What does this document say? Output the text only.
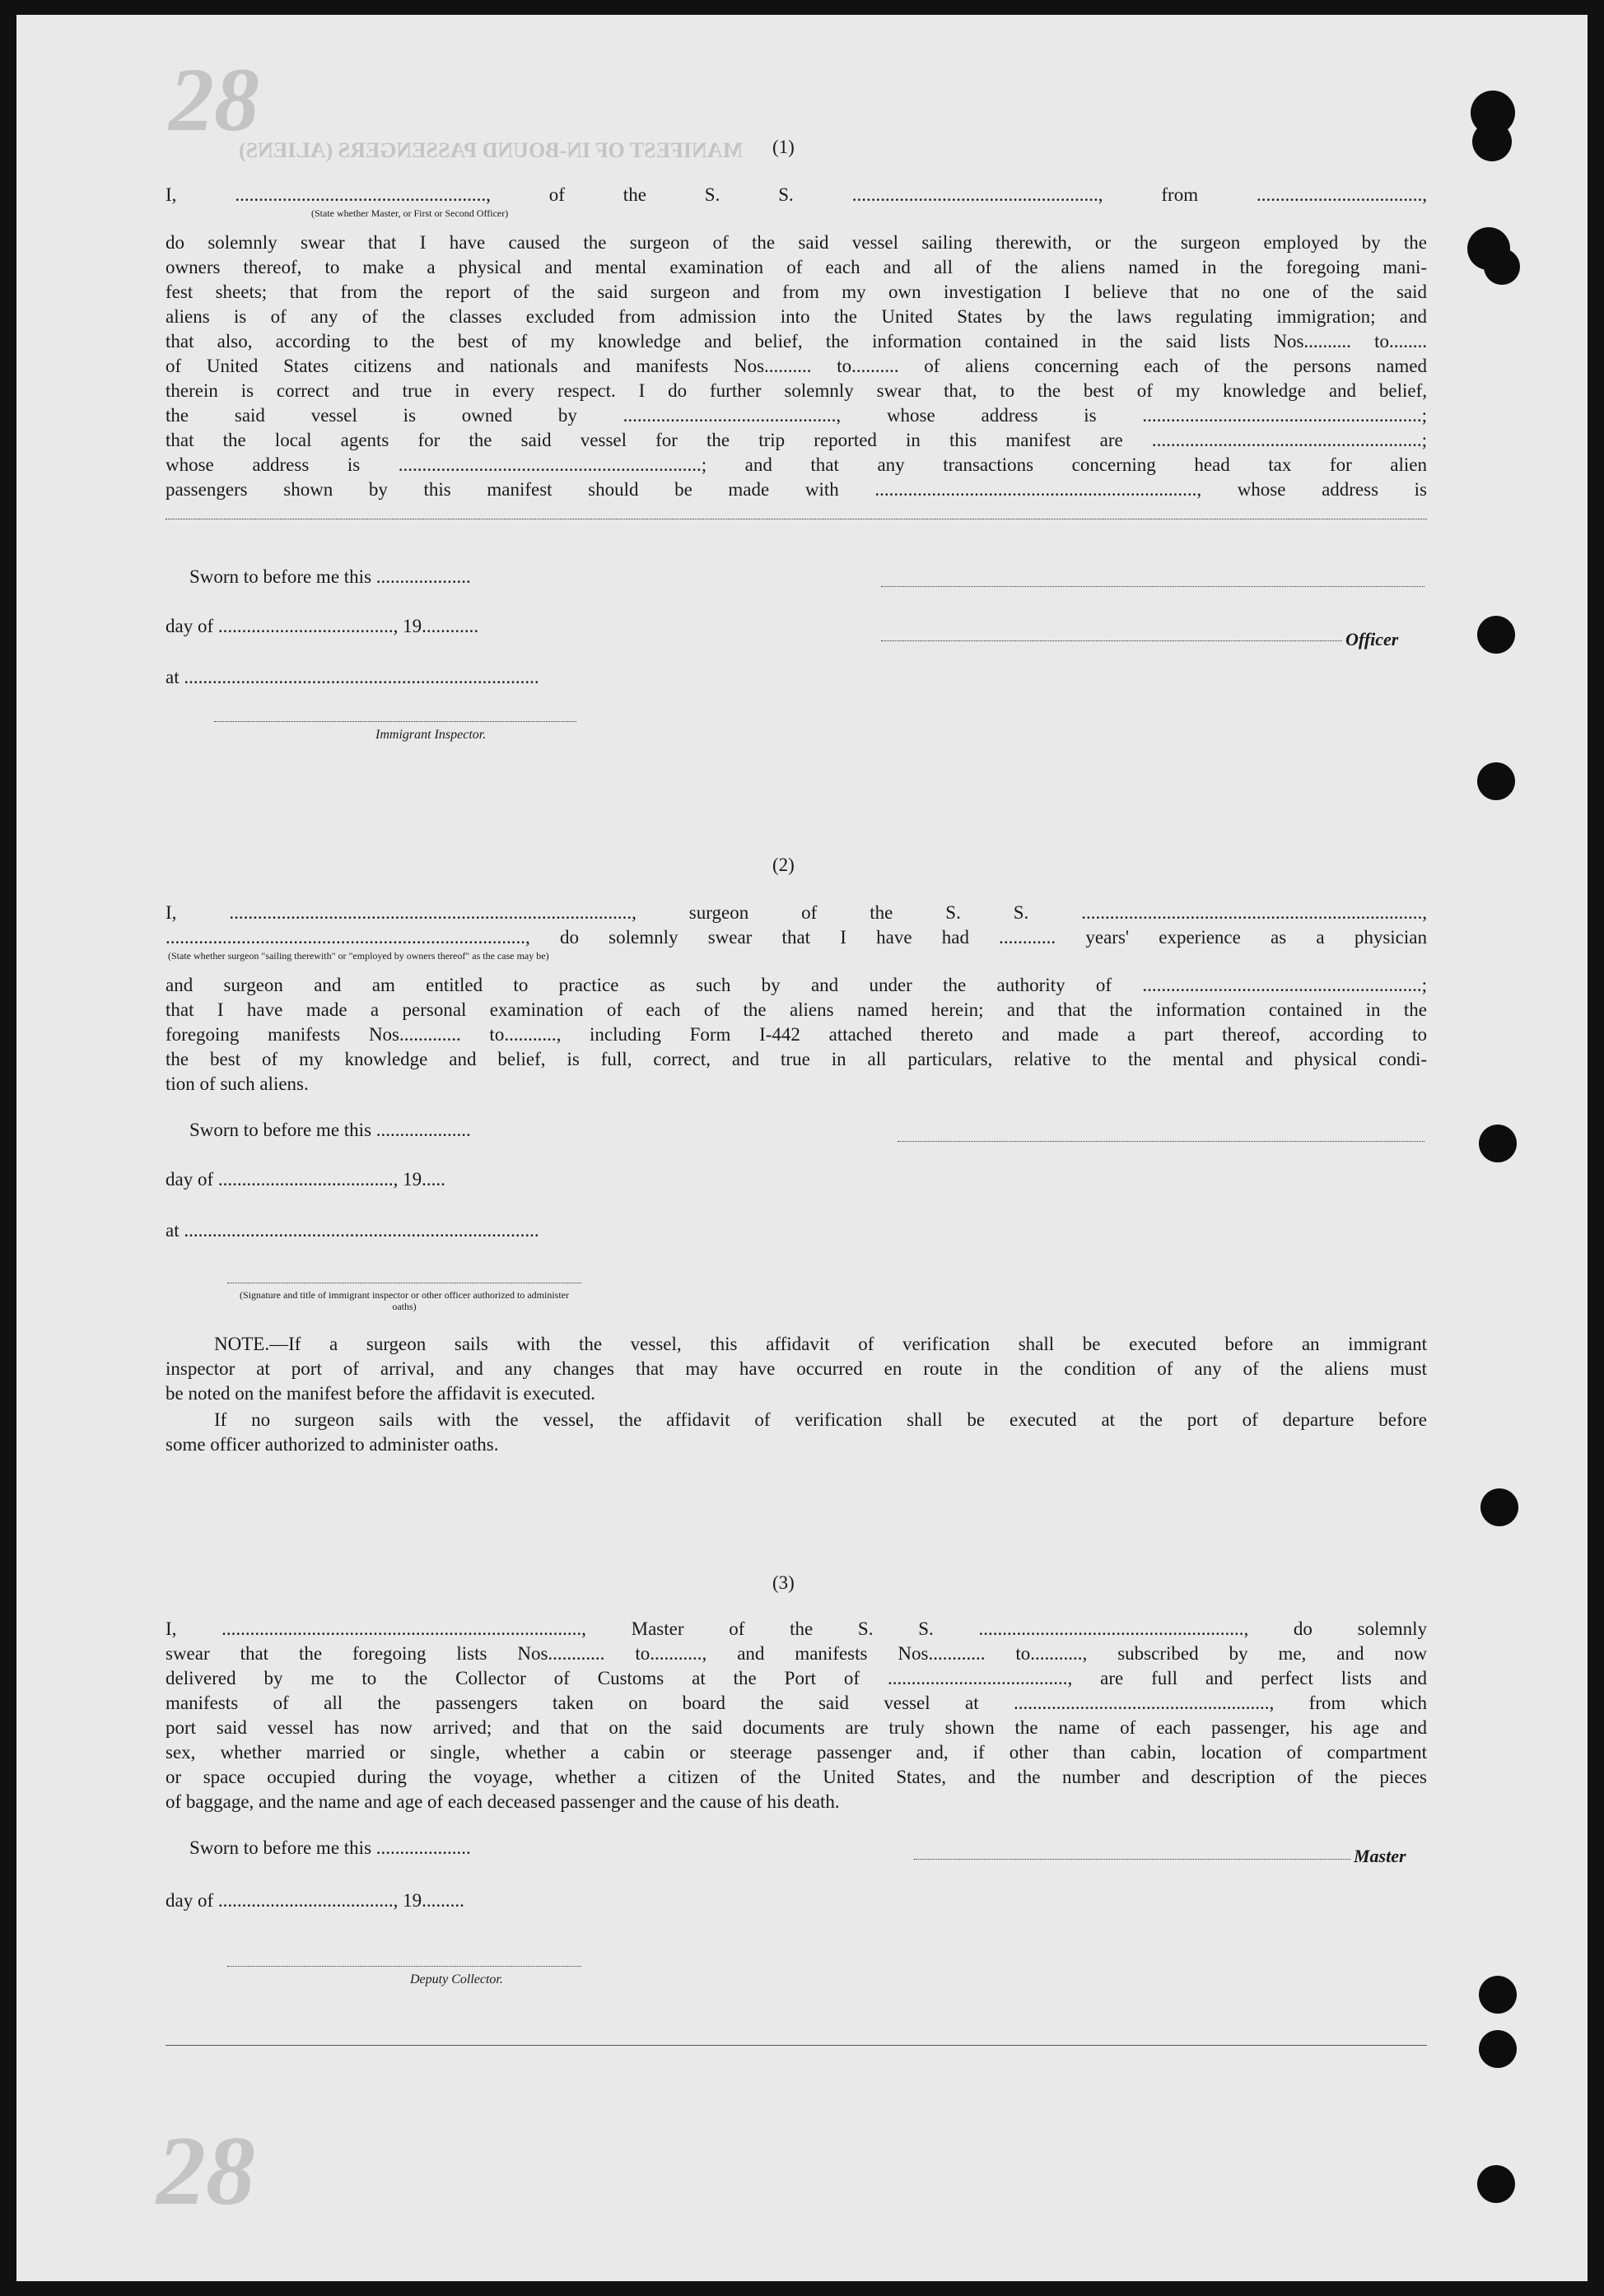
28
28
MANIFEST OF IN-BOUND PASSENGERS (ALIENS) (1)
I, ....................................................., of the S. S. ...................................................., from ...................................,
(State whether Master, or First or Second Officer)
do solemnly swear that I have caused the surgeon of the said vessel sailing therewith, or the surgeon employed by the
owners thereof, to make a physical and mental examination of each and all of the aliens named in the foregoing mani-
fest sheets; that from the report of the said surgeon and from my own investigation I believe that no one of the said
aliens is of any of the classes excluded from admission into the United States by the laws regulating immigration; and
that also, according to the best of my knowledge and belief, the information contained in the said lists Nos.......... to........
of United States citizens and nationals and manifests Nos.......... to.......... of aliens concerning each of the persons named
therein is correct and true in every respect. I do further solemnly swear that, to the best of my knowledge and belief,
the said vessel is owned by ............................................., whose address is ...........................................................;
that the local agents for the said vessel for the trip reported in this manifest are .........................................................;
whose address is ................................................................; and that any transactions concerning head tax for alien
passengers shown by this manifest should be made with ...................................................................., whose address is
Sworn to before me this ....................
day of ....................................., 19............
Officer
at ...........................................................................
Immigrant Inspector.
(2)
I, ....................................................................................., surgeon of the S. S. ........................................................................,
............................................................................, do solemnly swear that I have had ............ years' experience as a physician
(State whether surgeon "sailing therewith" or "employed by owners thereof" as the case may be)
and surgeon and am entitled to practice as such by and under the authority of ...........................................................;
that I have made a personal examination of each of the aliens named herein; and that the information contained in the
foregoing manifests Nos............. to..........., including Form I-442 attached thereto and made a part thereof, according to
the best of my knowledge and belief, is full, correct, and true in all particulars, relative to the mental and physical condi-
tion of such aliens.
Sworn to before me this ....................
day of ....................................., 19.....
at ...........................................................................
(Signature and title of immigrant inspector or other officer authorized to administer oaths)
NOTE.—If a surgeon sails with the vessel, this affidavit of verification shall be executed before an immigrant
inspector at port of arrival, and any changes that may have occurred en route in the condition of any of the aliens must
be noted on the manifest before the affidavit is executed.
If no surgeon sails with the vessel, the affidavit of verification shall be executed at the port of departure before
some officer authorized to administer oaths.
(3)
I, ............................................................................, Master of the S. S. ........................................................, do solemnly
swear that the foregoing lists Nos............ to..........., and manifests Nos............ to..........., subscribed by me, and now
delivered by me to the Collector of Customs at the Port of ......................................, are full and perfect lists and
manifests of all the passengers taken on board the said vessel at ......................................................, from which
port said vessel has now arrived; and that on the said documents are truly shown the name of each passenger, his age and
sex, whether married or single, whether a cabin or steerage passenger and, if other than cabin, location of compartment
or space occupied during the voyage, whether a citizen of the United States, and the number and description of the pieces
of baggage, and the name and age of each deceased passenger and the cause of his death.
Sworn to before me this ....................	Master
day of ....................................., 19.........
Deputy Collector.
